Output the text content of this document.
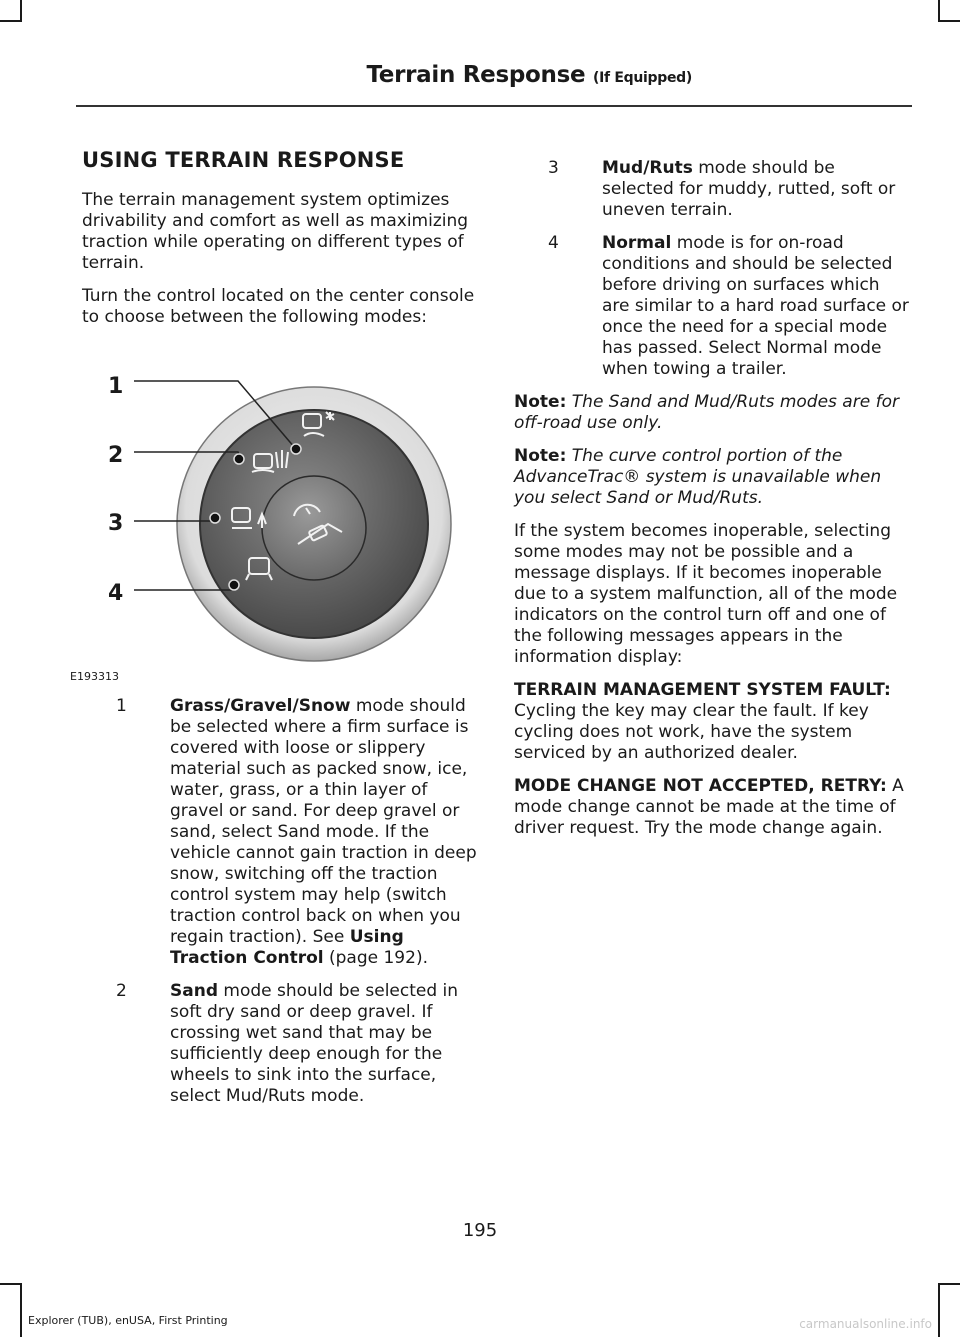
Terrain Response (If Equipped)
USING TERRAIN RESPONSE

The terrain management system optimizes drivability and comfort as well as maximizing traction while operating on different types of terrain.

Turn the control located on the center console to choose between the following modes:

1
2
3
4
E193313
1	Grass/Gravel/Snow mode should be selected where a firm surface is covered with loose or slippery material such as packed snow, ice, water, grass, or a thin layer of gravel or sand. For deep gravel or sand, select Sand mode. If the vehicle cannot gain traction in deep snow, switching off the traction control system may help (switch traction control back on when you regain traction). See Using Traction Control (page 192).
2	Sand mode should be selected in soft dry sand or deep gravel. If crossing wet sand that may be sufficiently deep enough for the wheels to sink into the surface, select Mud/Ruts mode.
3	Mud/Ruts mode should be selected for muddy, rutted, soft or uneven terrain.
4	Normal mode is for on-road conditions and should be selected before driving on surfaces which are similar to a hard road surface or once the need for a special mode has passed. Select Normal mode when towing a trailer.

Note: The Sand and Mud/Ruts modes are for off-road use only.

Note: The curve control portion of the AdvanceTrac® system is unavailable when you select Sand or Mud/Ruts.

If the system becomes inoperable, selecting some modes may not be possible and a message displays. If it becomes inoperable due to a system malfunction, all of the mode indicators on the control turn off and one of the following messages appears in the information display:

TERRAIN MANAGEMENT SYSTEM FAULT: Cycling the key may clear the fault. If key cycling does not work, have the system serviced by an authorized dealer.

MODE CHANGE NOT ACCEPTED, RETRY: A mode change cannot be made at the time of driver request. Try the mode change again.

195
Explorer (TUB), enUSA, First Printing	carmanualsonline.info
